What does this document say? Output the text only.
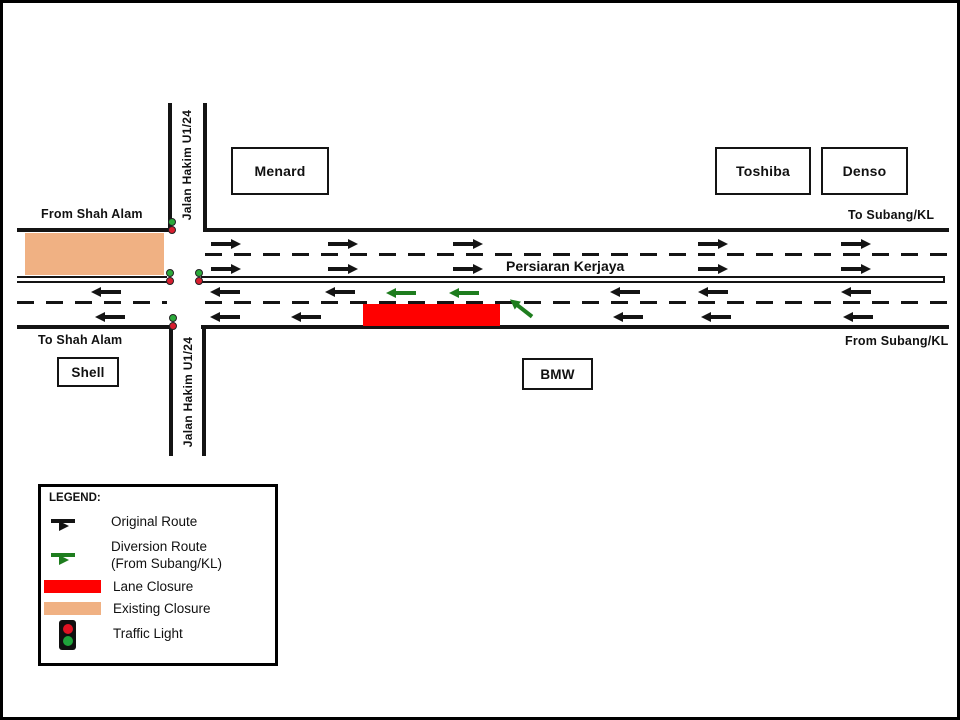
Jalan Hakim U1/24
Jalan Hakim U1/24
Persiaran Kerjaya
From Shah Alam
To Shah Alam
To Subang/KL
From Subang/KL
Menard	Toshiba	Denso
Shell	BMW
LEGEND:
Original Route
Diversion Route
(From Subang/KL)
Lane Closure
Existing Closure
Traffic Light
